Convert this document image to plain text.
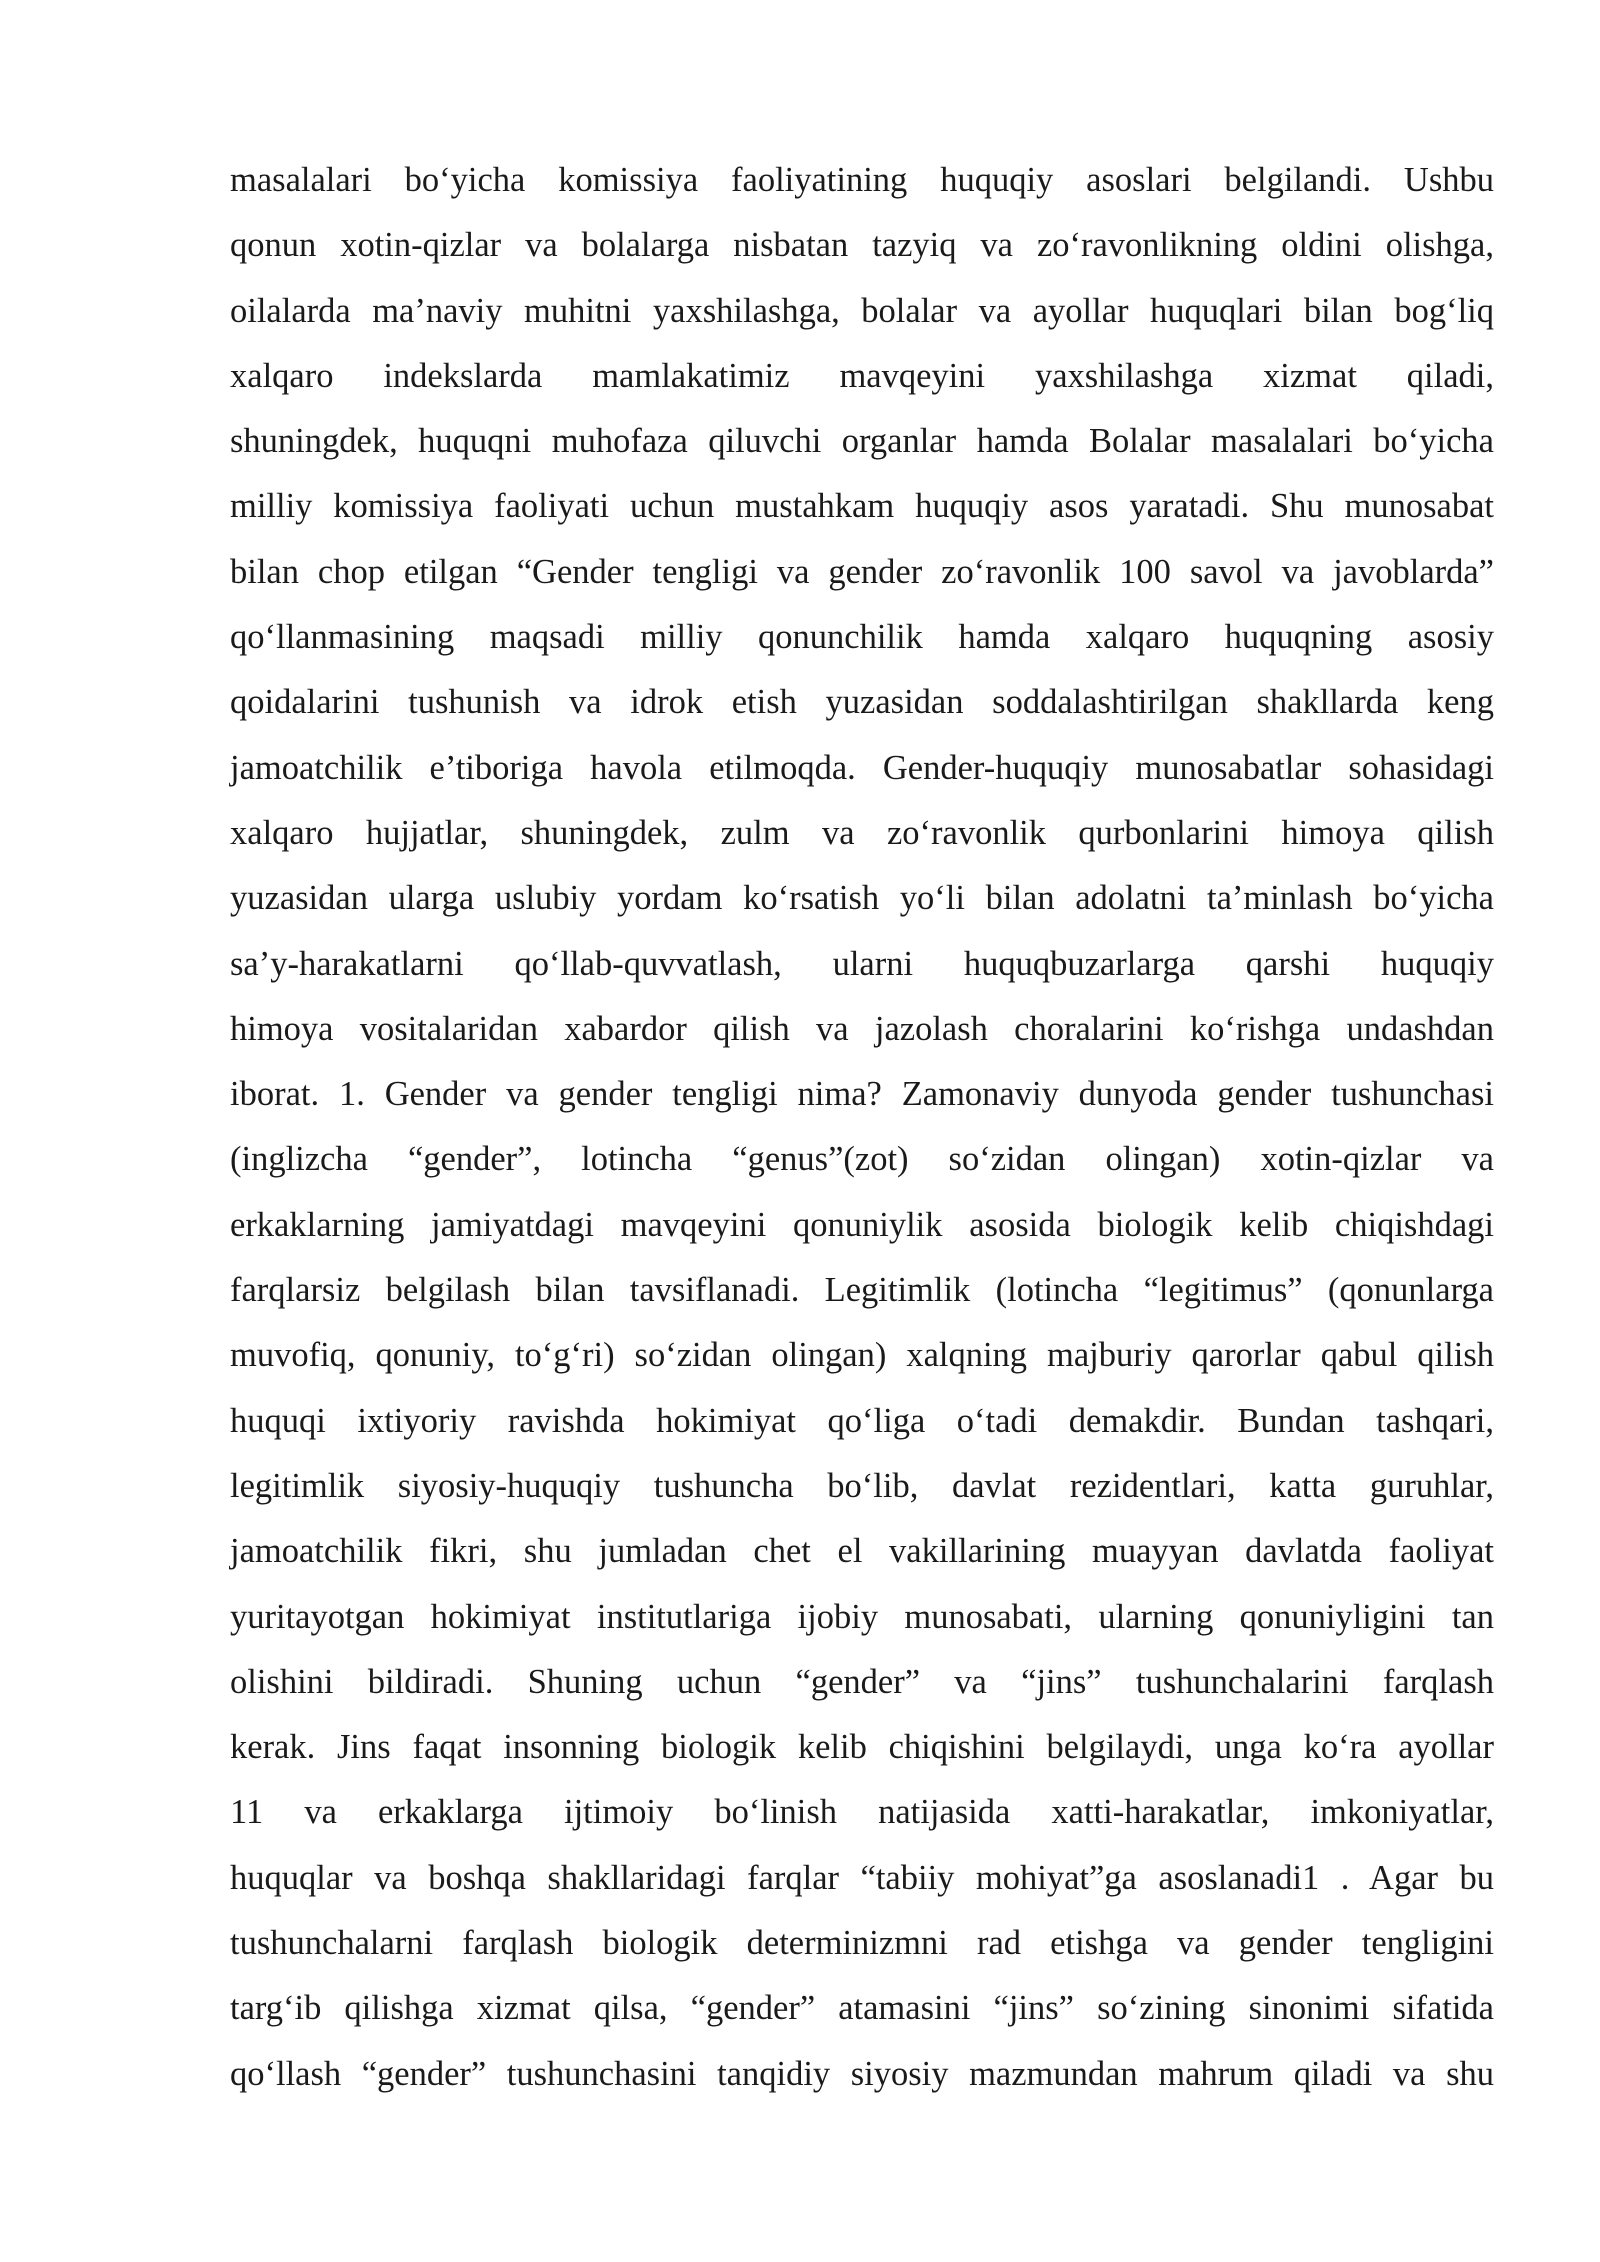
masalalari bo‘yicha komissiya faoliyatining huquqiy asoslari belgilandi. Ushbu
qonun xotin-qizlar va bolalarga nisbatan tazyiq va zo‘ravonlikning oldini olishga,
oilalarda ma’naviy muhitni yaxshilashga, bolalar va ayollar huquqlari bilan bog‘liq
xalqaro indekslarda mamlakatimiz mavqeyini yaxshilashga xizmat qiladi,
shuningdek, huquqni muhofaza qiluvchi organlar hamda Bolalar masalalari bo‘yicha
milliy komissiya faoliyati uchun mustahkam huquqiy asos yaratadi. Shu munosabat
bilan chop etilgan “Gender tengligi va gender zo‘ravonlik 100 savol va javoblarda”
qo‘llanmasining maqsadi milliy qonunchilik hamda xalqaro huquqning asosiy
qoidalarini tushunish va idrok etish yuzasidan soddalashtirilgan shakllarda keng
jamoatchilik e’tiboriga havola etilmoqda. Gender-huquqiy munosabatlar sohasidagi
xalqaro hujjatlar, shuningdek, zulm va zo‘ravonlik qurbonlarini himoya qilish
yuzasidan ularga uslubiy yordam ko‘rsatish yo‘li bilan adolatni ta’minlash bo‘yicha
sa’y-harakatlarni qo‘llab-quvvatlash, ularni huquqbuzarlarga qarshi huquqiy
himoya vositalaridan xabardor qilish va jazolash choralarini ko‘rishga undashdan
iborat. 1. Gender va gender tengligi nima? Zamonaviy dunyoda gender tushunchasi
(inglizcha “gender”, lotincha “genus”(zot) so‘zidan olingan) xotin-qizlar va
erkaklarning jamiyatdagi mavqeyini qonuniylik asosida biologik kelib chiqishdagi
farqlarsiz belgilash bilan tavsiflanadi. Legitimlik (lotincha “legitimus” (qonunlarga
muvofiq, qonuniy, to‘g‘ri) so‘zidan olingan) xalqning majburiy qarorlar qabul qilish
huquqi ixtiyoriy ravishda hokimiyat qo‘liga o‘tadi demakdir. Bundan tashqari,
legitimlik siyosiy-huquqiy tushuncha bo‘lib, davlat rezidentlari, katta guruhlar,
jamoatchilik fikri, shu jumladan chet el vakillarining muayyan davlatda faoliyat
yuritayotgan hokimiyat institutlariga ijobiy munosabati, ularning qonuniyligini tan
olishini bildiradi. Shuning uchun “gender” va “jins” tushunchalarini farqlash
kerak. Jins faqat insonning biologik kelib chiqishini belgilaydi, unga ko‘ra ayollar
11 va erkaklarga ijtimoiy bo‘linish natijasida xatti-harakatlar, imkoniyatlar,
huquqlar va boshqa shakllaridagi farqlar “tabiiy mohiyat”ga asoslanadi1 . Agar bu
tushunchalarni farqlash biologik determinizmni rad etishga va gender tengligini
targ‘ib qilishga xizmat qilsa, “gender” atamasini “jins” so‘zining sinonimi sifatida
qo‘llash “gender” tushunchasini tanqidiy siyosiy mazmundan mahrum qiladi va shu
